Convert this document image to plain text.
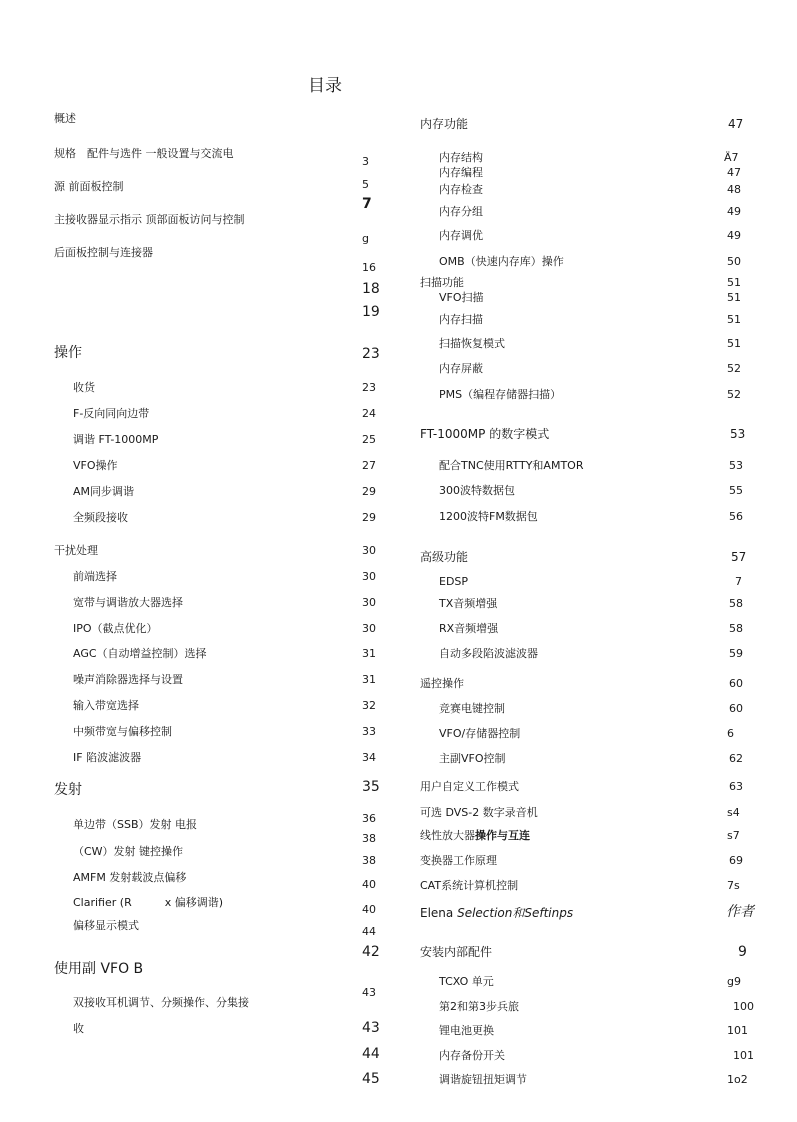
目录
概述
规格　配件与选件 一般设置与交流电
源 前面板控制
主接收器显示指示 顶部面板访问与控制
后面板控制与连接器
操作
收货
F-反向同向边带
调谐 FT-1000MP
VFO操作
AM同步调谐
全频段接收
干扰处理
前端选择
宽带与调谐放大器选择
IPO（截点优化）
AGC（自动增益控制）选择
噪声消除器选择与设置
输入带宽选择
中频带宽与偏移控制
IF 陷波滤波器
发射
单边带（SSB）发射 电报
（CW）发射 键控操作
AMFM 发射载波点偏移
Clarifier (R　　　x 偏移调谐)
偏移显示模式
使用副 VFO B
双接收耳机调节、分频操作、分集接
收
3
5
7
g
16
18
19
23
23
24
25
27
29
29
30
30
30
30
31
31
32
33
34
35
36
38
38
40
40
44
42
43
43
44
45
内存功能
内存结构
内存编程
内存检查
内存分组
内存调优
OMB（快速内存库）操作
扫描功能
VFO扫描
内存扫描
扫描恢复模式
内存屏蔽
PMS（编程存储器扫描）
FT-1000MP 的数字模式
配合TNC使用RTTY和AMTOR
300波特数据包
1200波特FM数据包
高级功能
EDSP
TX音频增强
RX音频增强
自动多段陷波滤波器
遥控操作
竞赛电键控制
VFO/存储器控制
主副VFO控制
用户自定义工作模式
可选 DVS-2 数字录音机
线性放大器操作与互连
变换器工作原理
CAT系统计算机控制
Elena Selection和Seftinps
安装内部配件
TCXO 单元
第2和第3步兵旅
锂电池更换
内存备份开关
调谐旋钮扭矩调节
47
Ä7
47
48
49
49
50
51
51
51
51
52
52
53
53
55
56
57
7
58
58
59
60
60
6
62
63
s4
s7
69
7s
作者
9
g9
100
101
101
1o2
